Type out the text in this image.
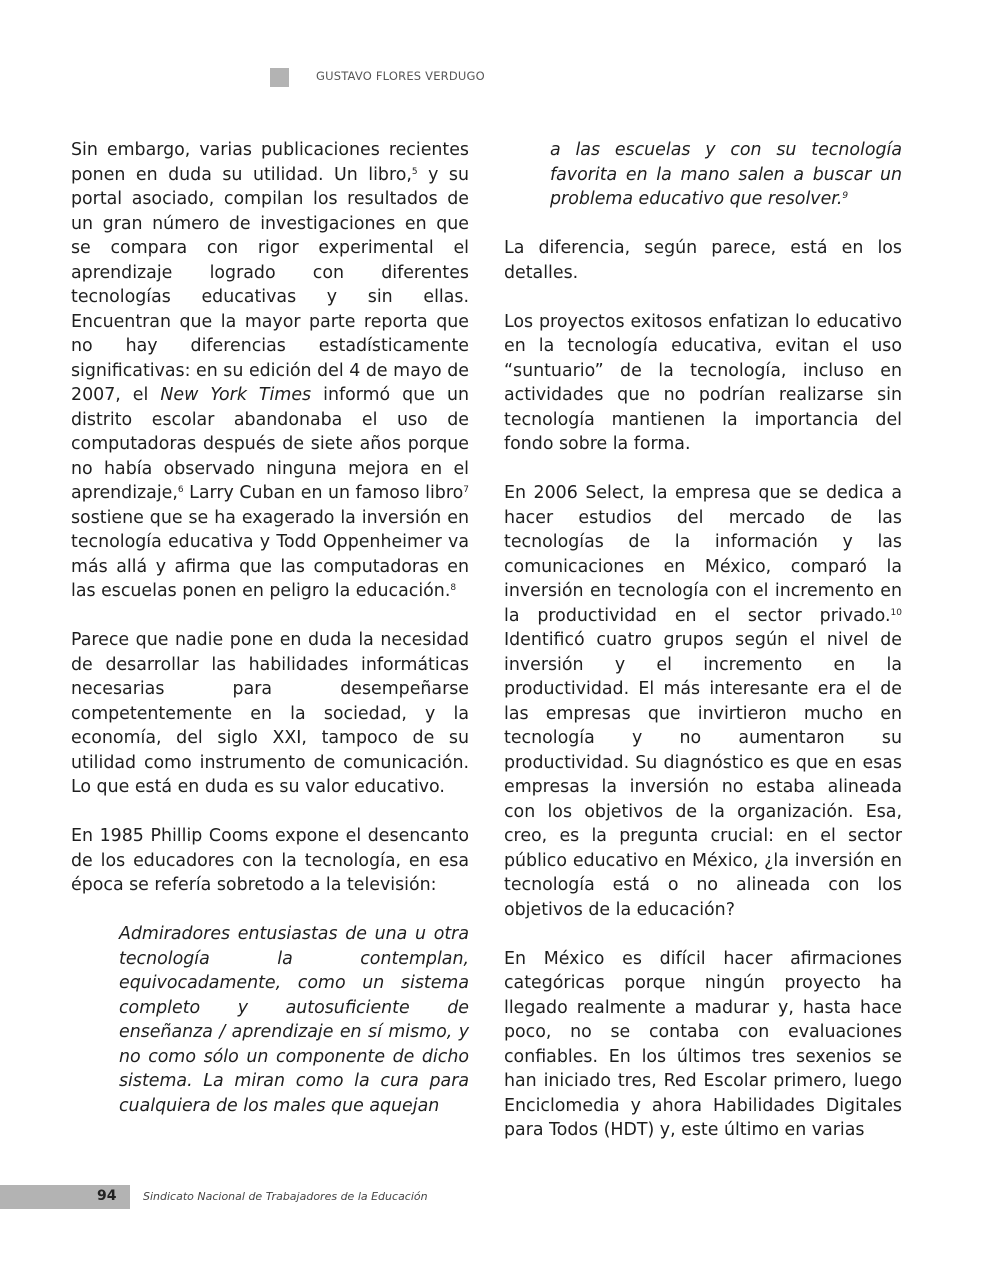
GUSTAVO FLORES VERDUGO

Sin embargo, varias publicaciones recientes ponen en duda su utilidad. Un libro,$^5$ y su portal asociado, compilan los resultados de un gran número de investigaciones en que se compara con rigor experimental el aprendizaje logrado con diferentes tecnologías educativas y sin ellas. Encuentran que la mayor parte reporta que no hay diferencias estadísticamente significativas: en su edición del 4 de mayo de 2007, el New York Times informó que un distrito escolar abandonaba el uso de computadoras después de siete años porque no había observado ninguna mejora en el aprendizaje,$^6$ Larry Cuban en un famoso libro$^7$ sostiene que se ha exagerado la inversión en tecnología educativa y Todd Oppenheimer va más allá y afirma que las computadoras en las escuelas ponen en peligro la educación.$^8$

Parece que nadie pone en duda la necesidad de desarrollar las habilidades informáticas necesarias para desempeñarse competentemente en la sociedad, y la economía, del siglo XXI, tampoco de su utilidad como instrumento de comunicación. Lo que está en duda es su valor educativo.

En 1985 Phillip Cooms expone el desencanto de los educadores con la tecnología, en esa época se refería sobretodo a la televisión:

Admiradores entusiastas de una u otra tecnología la contemplan, equivocadamente, como un sistema completo y autosuficiente de enseñanza / aprendizaje en sí mismo, y no como sólo un componente de dicho sistema. La miran como la cura para cualquiera de los males que aquejan

a las escuelas y con su tecnología favorita en la mano salen a buscar un problema educativo que resolver.$^9$

La diferencia, según parece, está en los detalles.

Los proyectos exitosos enfatizan lo educativo en la tecnología educativa, evitan el uso “suntuario” de la tecnología, incluso en actividades que no podrían realizarse sin tecnología mantienen la importancia del fondo sobre la forma.

En 2006 Select, la empresa que se dedica a hacer estudios del mercado de las tecnologías de la información y las comunicaciones en México, comparó la inversión en tecnología con el incremento en la productividad en el sector privado.$^{10}$ Identificó cuatro grupos según el nivel de inversión y el incremento en la productividad. El más interesante era el de las empresas que invirtieron mucho en tecnología y no aumentaron su productividad. Su diagnóstico es que en esas empresas la inversión no estaba alineada con los objetivos de la organización. Esa, creo, es la pregunta crucial: en el sector público educativo en México, ¿la inversión en tecnología está o no alineada con los objetivos de la educación?

En México es difícil hacer afirmaciones categóricas porque ningún proyecto ha llegado realmente a madurar y, hasta hace poco, no se contaba con evaluaciones confiables. En los últimos tres sexenios se han iniciado tres, Red Escolar primero, luego Enciclomedia y ahora Habilidades Digitales para Todos (HDT) y, este último en varias

94 Sindicato Nacional de Trabajadores de la Educación
